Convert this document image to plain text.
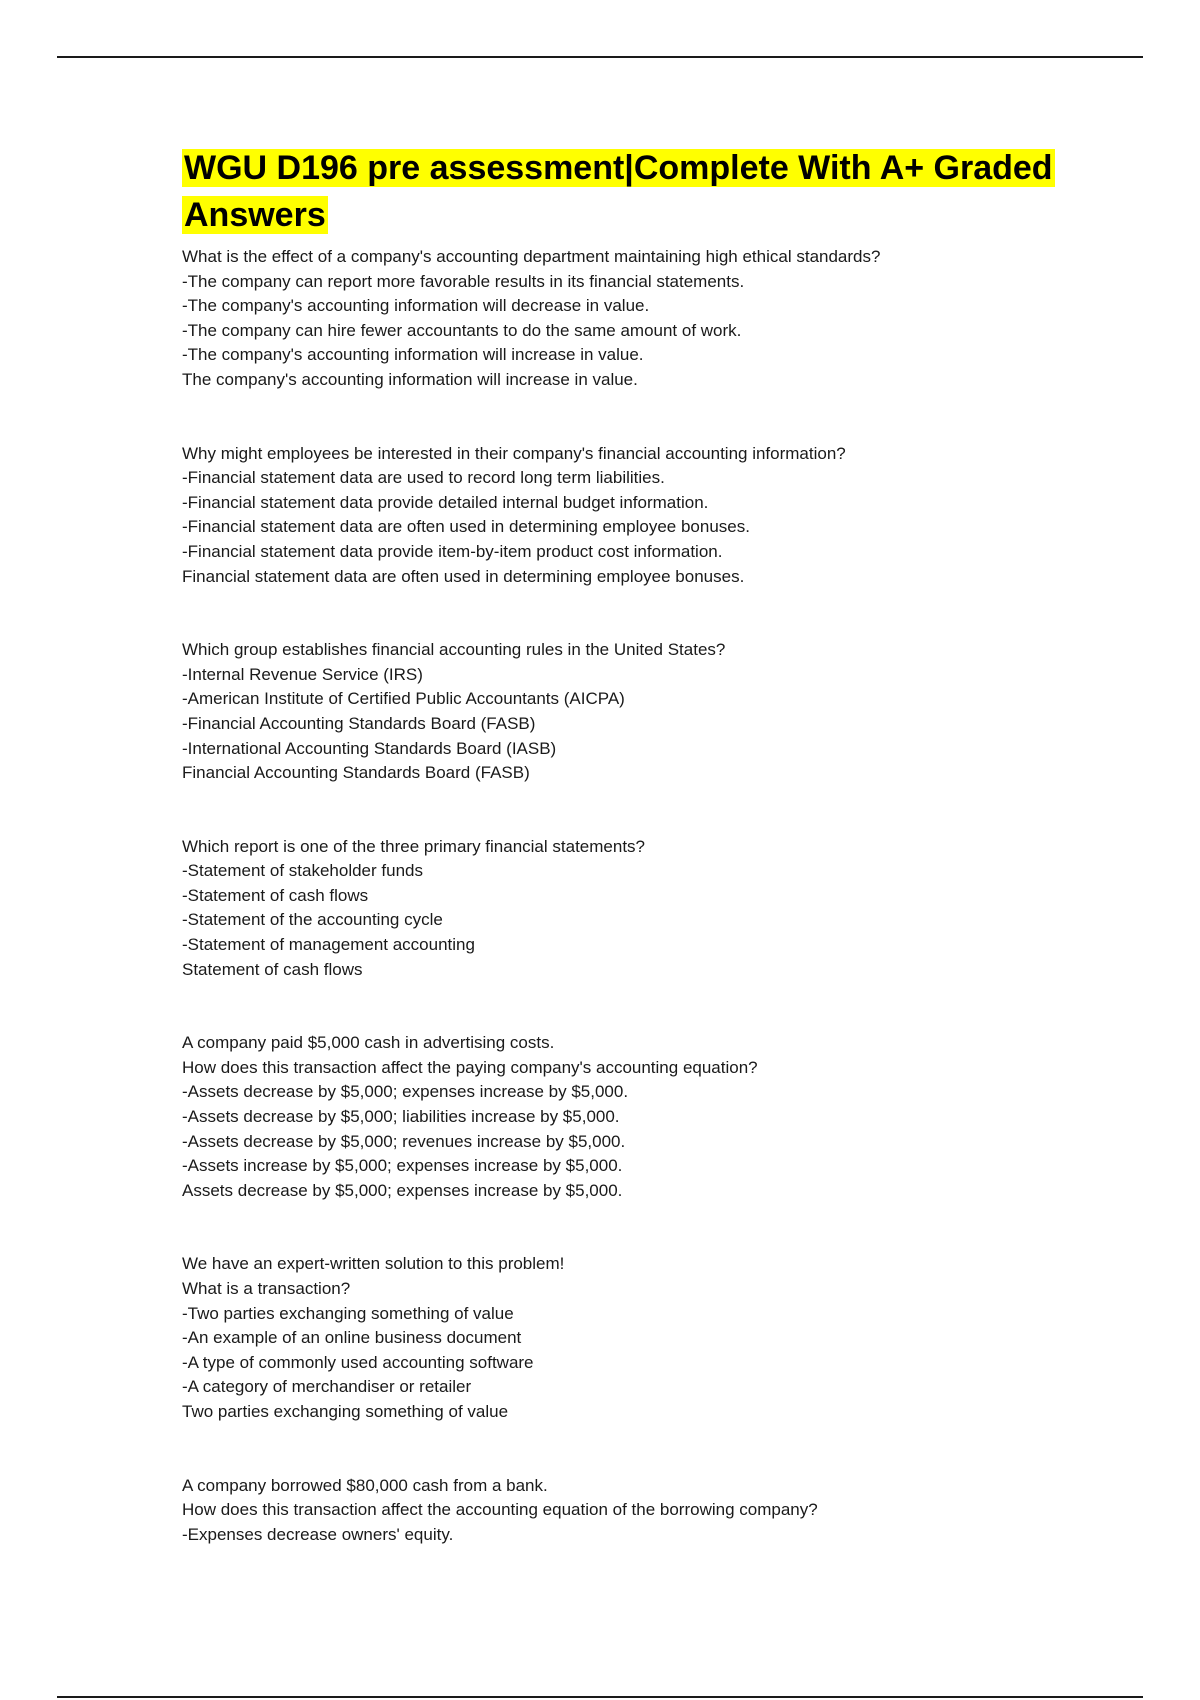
WGU D196 pre assessment|Complete With A+ Graded Answers
What is the effect of a company's accounting department maintaining high ethical standards?
-The company can report more favorable results in its financial statements.
-The company's accounting information will decrease in value.
-The company can hire fewer accountants to do the same amount of work.
-The company's accounting information will increase in value.
The company's accounting information will increase in value.
Why might employees be interested in their company's financial accounting information?
-Financial statement data are used to record long term liabilities.
-Financial statement data provide detailed internal budget information.
-Financial statement data are often used in determining employee bonuses.
-Financial statement data provide item-by-item product cost information.
Financial statement data are often used in determining employee bonuses.
Which group establishes financial accounting rules in the United States?
-Internal Revenue Service (IRS)
-American Institute of Certified Public Accountants (AICPA)
-Financial Accounting Standards Board (FASB)
-International Accounting Standards Board (IASB)
Financial Accounting Standards Board (FASB)
Which report is one of the three primary financial statements?
-Statement of stakeholder funds
-Statement of cash flows
-Statement of the accounting cycle
-Statement of management accounting
Statement of cash flows
A company paid $5,000 cash in advertising costs.
How does this transaction affect the paying company's accounting equation?
-Assets decrease by $5,000; expenses increase by $5,000.
-Assets decrease by $5,000; liabilities increase by $5,000.
-Assets decrease by $5,000; revenues increase by $5,000.
-Assets increase by $5,000; expenses increase by $5,000.
Assets decrease by $5,000; expenses increase by $5,000.
We have an expert-written solution to this problem!
What is a transaction?
-Two parties exchanging something of value
-An example of an online business document
-A type of commonly used accounting software
-A category of merchandiser or retailer
Two parties exchanging something of value
A company borrowed $80,000 cash from a bank.
How does this transaction affect the accounting equation of the borrowing company?
-Expenses decrease owners' equity.
